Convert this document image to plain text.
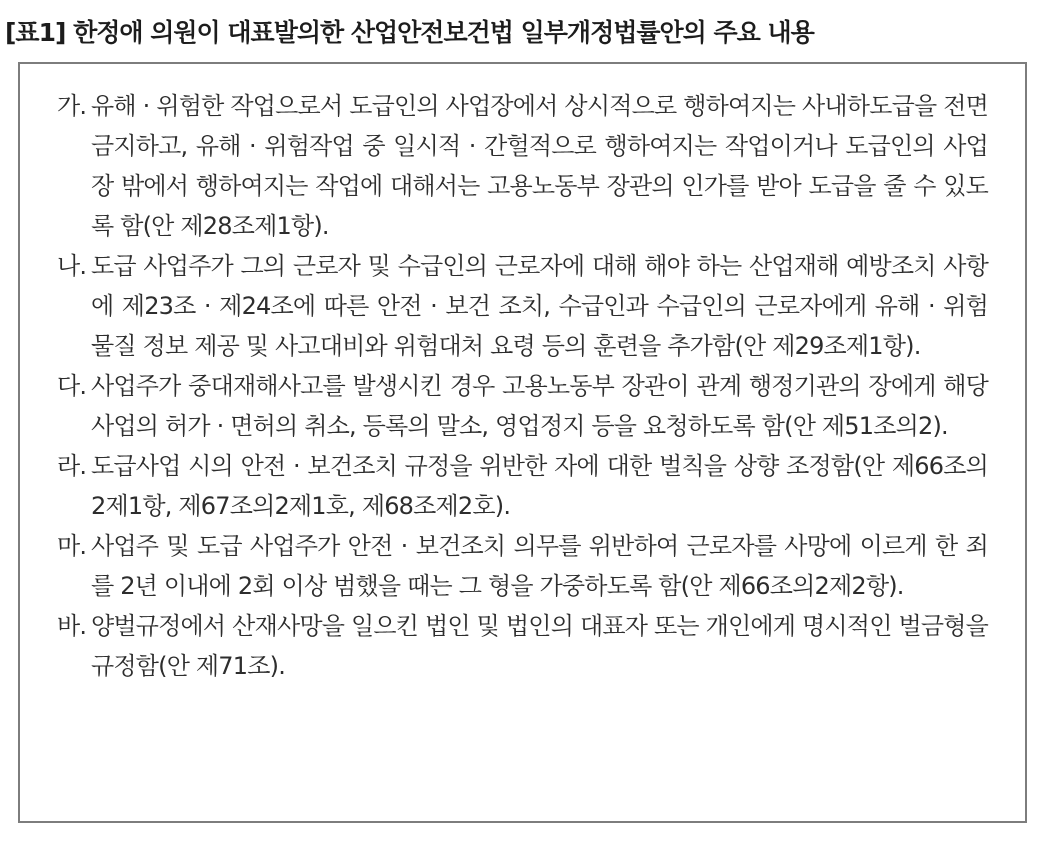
[표1] 한정애 의원이 대표발의한 산업안전보건법 일부개정법률안의 주요 내용
가. 유해 · 위험한 작업으로서 도급인의 사업장에서 상시적으로 행하여지는 사내하도급을 전면 금지하고, 유해 · 위험작업 중 일시적 · 간헐적으로 행하여지는 작업이거나 도급인의 사업장 밖에서 행하여지는 작업에 대해서는 고용노동부 장관의 인가를 받아 도급을 줄 수 있도록 함(안 제28조제1항).
나. 도급 사업주가 그의 근로자 및 수급인의 근로자에 대해 해야 하는 산업재해 예방조치 사항에 제23조 · 제24조에 따른 안전 · 보건 조치, 수급인과 수급인의 근로자에게 유해 · 위험물질 정보 제공 및 사고대비와 위험대처 요령 등의 훈련을 추가함(안 제29조제1항).
다. 사업주가 중대재해사고를 발생시킨 경우 고용노동부 장관이 관계 행정기관의 장에게 해당 사업의 허가 · 면허의 취소, 등록의 말소, 영업정지 등을 요청하도록 함(안 제51조의2).
라. 도급사업 시의 안전 · 보건조치 규정을 위반한 자에 대한 벌칙을 상향 조정함(안 제66조의2제1항, 제67조의2제1호, 제68조제2호).
마. 사업주 및 도급 사업주가 안전 · 보건조치 의무를 위반하여 근로자를 사망에 이르게 한 죄를 2년 이내에 2회 이상 범했을 때는 그 형을 가중하도록 함(안 제66조의2제2항).
바. 양벌규정에서 산재사망을 일으킨 법인 및 법인의 대표자 또는 개인에게 명시적인 벌금형을 규정함(안 제71조).
